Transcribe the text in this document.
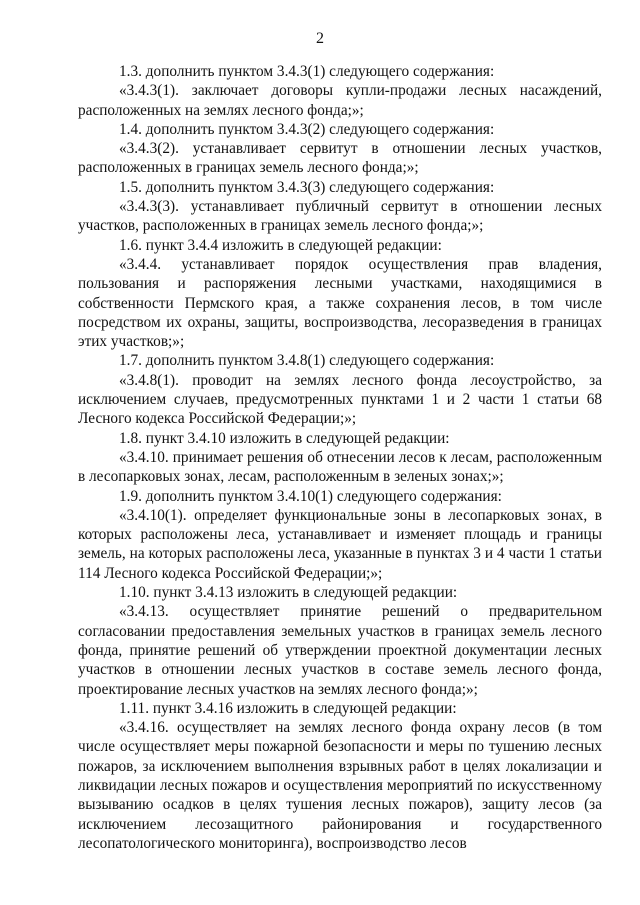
2

1.3. дополнить пунктом 3.4.3(1) следующего содержания:

«3.4.3(1). заключает договоры купли-продажи лесных насаждений, расположенных на землях лесного фонда;»;

1.4. дополнить пунктом 3.4.3(2) следующего содержания:

«3.4.3(2). устанавливает сервитут в отношении лесных участков, расположенных в границах земель лесного фонда;»;

1.5. дополнить пунктом 3.4.3(3) следующего содержания:

«3.4.3(3). устанавливает публичный сервитут в отношении лесных участков, расположенных в границах земель лесного фонда;»;

1.6. пункт 3.4.4 изложить в следующей редакции:

«3.4.4. устанавливает порядок осуществления прав владения, пользования и распоряжения лесными участками, находящимися в собственности Пермского края, а также сохранения лесов, в том числе посредством их охраны, защиты, воспроизводства, лесоразведения в границах этих участков;»;

1.7. дополнить пунктом 3.4.8(1) следующего содержания:

«3.4.8(1). проводит на землях лесного фонда лесоустройство, за исключением случаев, предусмотренных пунктами 1 и 2 части 1 статьи 68 Лесного кодекса Российской Федерации;»;

1.8. пункт 3.4.10 изложить в следующей редакции:

«3.4.10. принимает решения об отнесении лесов к лесам, расположенным в лесопарковых зонах, лесам, расположенным в зеленых зонах;»;

1.9. дополнить пунктом 3.4.10(1) следующего содержания:

«3.4.10(1). определяет функциональные зоны в лесопарковых зонах, в которых расположены леса, устанавливает и изменяет площадь и границы земель, на которых расположены леса, указанные в пунктах 3 и 4 части 1 статьи 114 Лесного кодекса Российской Федерации;»;

1.10. пункт 3.4.13 изложить в следующей редакции:

«3.4.13. осуществляет принятие решений о предварительном согласовании предоставления земельных участков в границах земель лесного фонда, принятие решений об утверждении проектной документации лесных участков в отношении лесных участков в составе земель лесного фонда, проектирование лесных участков на землях лесного фонда;»;

1.11. пункт 3.4.16 изложить в следующей редакции:

«3.4.16. осуществляет на землях лесного фонда охрану лесов (в том числе осуществляет меры пожарной безопасности и меры по тушению лесных пожаров, за исключением выполнения взрывных работ в целях локализации и ликвидации лесных пожаров и осуществления мероприятий по искусственному вызыванию осадков в целях тушения лесных пожаров), защиту лесов (за исключением лесозащитного районирования и государственного лесопатологического мониторинга), воспроизводство лесов
